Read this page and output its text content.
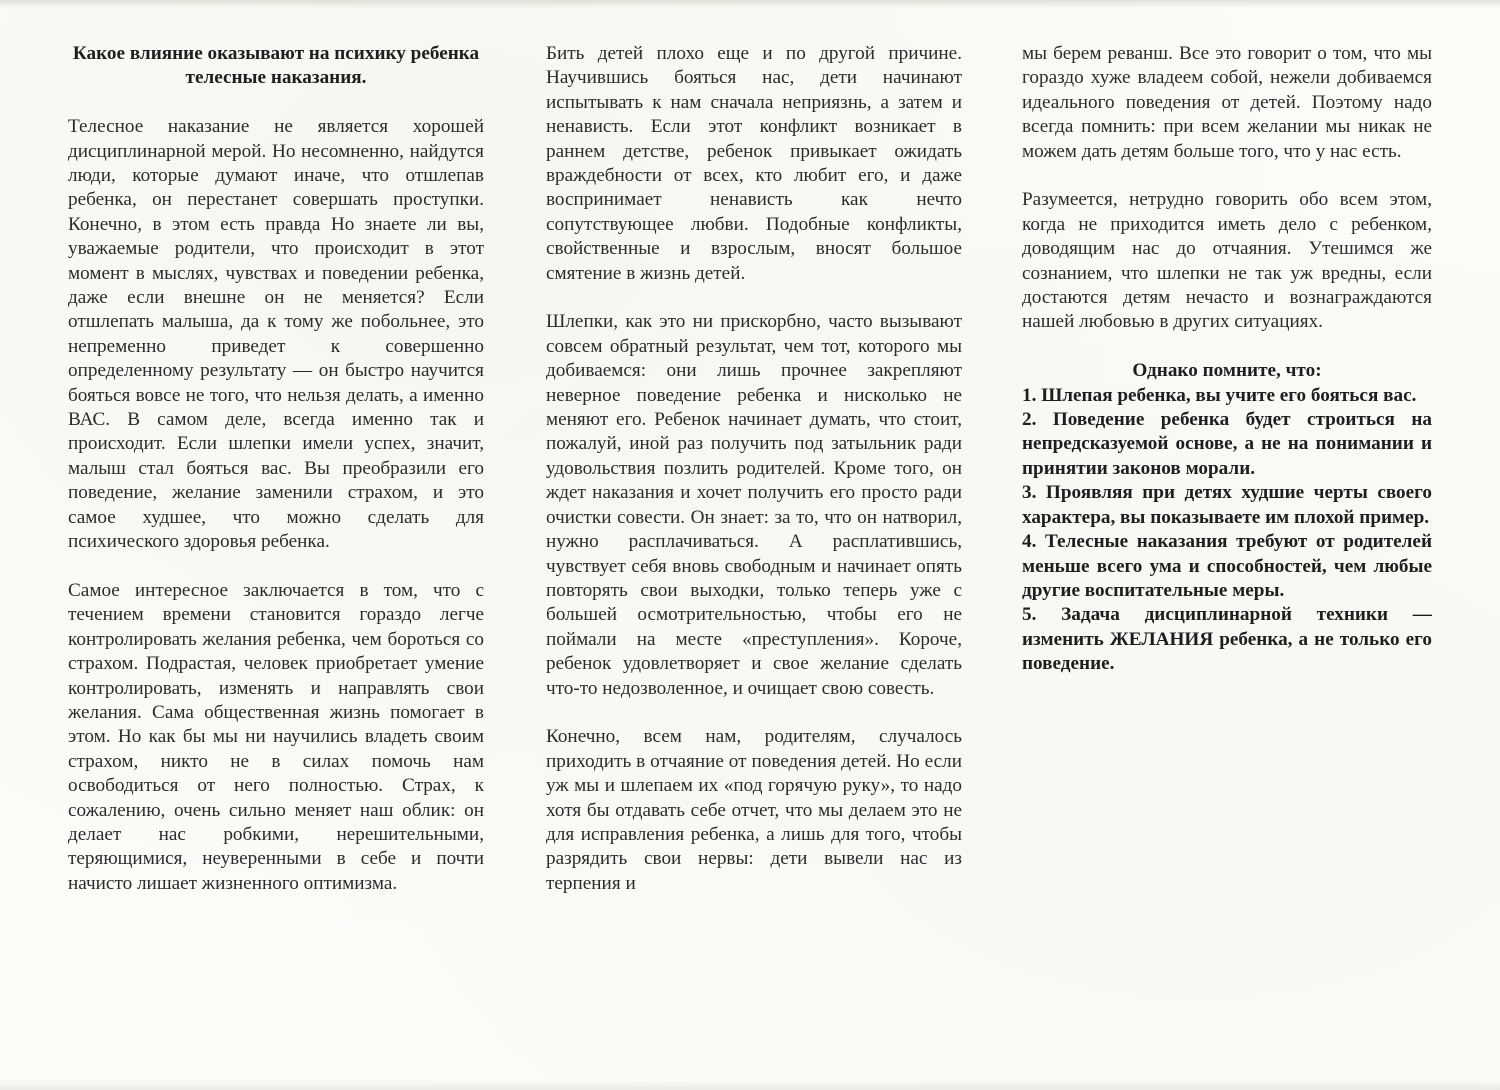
Какое влияние оказывают на психику ребенка телесные наказания.

Телесное наказание не является хорошей дисциплинарной мерой. Но несомненно, найдутся люди, которые думают иначе, что отшлепав ребенка, он перестанет совершать проступки. Конечно, в этом есть правда Но знаете ли вы, уважаемые родители, что происходит в этот момент в мыслях, чувствах и поведении ребенка, даже если внешне он не меняется? Если отшлепать малыша, да к тому же побольнее, это непременно приведет к совершенно определенному результату — он быстро научится бояться вовсе не того, что нельзя делать, а именно ВАС. В самом деле, всегда именно так и происходит. Если шлепки имели успех, значит, малыш стал бояться вас. Вы преобразили его поведение, желание заменили страхом, и это самое худшее, что можно сделать для психического здоровья ребенка.

Самое интересное заключается в том, что с течением времени становится гораздо легче контролировать желания ребенка, чем бороться со страхом. Подрастая, человек приобретает умение контролировать, изменять и направлять свои желания. Сама общественная жизнь помогает в этом. Но как бы мы ни научились владеть своим страхом, никто не в силах помочь нам освободиться от него полностью. Страх, к сожалению, очень сильно меняет наш облик: он делает нас робкими, нерешительными, теряющимися, неуверенными в себе и почти начисто лишает жизненного оптимизма.

Бить детей плохо еще и по другой причине. Научившись бояться нас, дети начинают испытывать к нам сначала неприязнь, а затем и ненависть. Если этот конфликт возникает в раннем детстве, ребенок привыкает ожидать враждебности от всех, кто любит его, и даже воспринимает ненависть как нечто сопутствующее любви. Подобные конфликты, свойственные и взрослым, вносят большое смятение в жизнь детей.

Шлепки, как это ни прискорбно, часто вызывают совсем обратный результат, чем тот, которого мы добиваемся: они лишь прочнее закрепляют неверное поведение ребенка и нисколько не меняют его. Ребенок начинает думать, что стоит, пожалуй, иной раз получить под затыльник ради удовольствия позлить родителей. Кроме того, он ждет наказания и хочет получить его просто ради очистки совести. Он знает: за то, что он натворил, нужно расплачиваться. А расплатившись, чувствует себя вновь свободным и начинает опять повторять свои выходки, только теперь уже с большей осмотрительностью, чтобы его не поймали на месте «преступления». Короче, ребенок удовлетворяет и свое желание сделать что-то недозволенное, и очищает свою совесть.

Конечно, всем нам, родителям, случалось приходить в отчаяние от поведения детей. Но если уж мы и шлепаем их «под горячую руку», то надо хотя бы отдавать себе отчет, что мы делаем это не для исправления ребенка, а лишь для того, чтобы разрядить свои нервы: дети вывели нас из терпения и

мы берем реванш. Все это говорит о том, что мы гораздо хуже владеем собой, нежели добиваемся идеального поведения от детей. Поэтому надо всегда помнить: при всем желании мы никак не можем дать детям больше того, что у нас есть.

Разумеется, нетрудно говорить обо всем этом, когда не приходится иметь дело с ребенком, доводящим нас до отчаяния. Утешимся же сознанием, что шлепки не так уж вредны, если достаются детям нечасто и вознаграждаются нашей любовью в других ситуациях.

Однако помните, что:
1. Шлепая ребенка, вы учите его бояться вас.
2. Поведение ребенка будет строиться на непредсказуемой основе, а не на понимании и принятии законов морали.
3. Проявляя при детях худшие черты своего характера, вы показываете им плохой пример.
4. Телесные наказания требуют от родителей меньше всего ума и способностей, чем любые другие воспитательные меры.
5. Задача дисциплинарной техники — изменить ЖЕЛАНИЯ ребенка, а не только его поведение.
